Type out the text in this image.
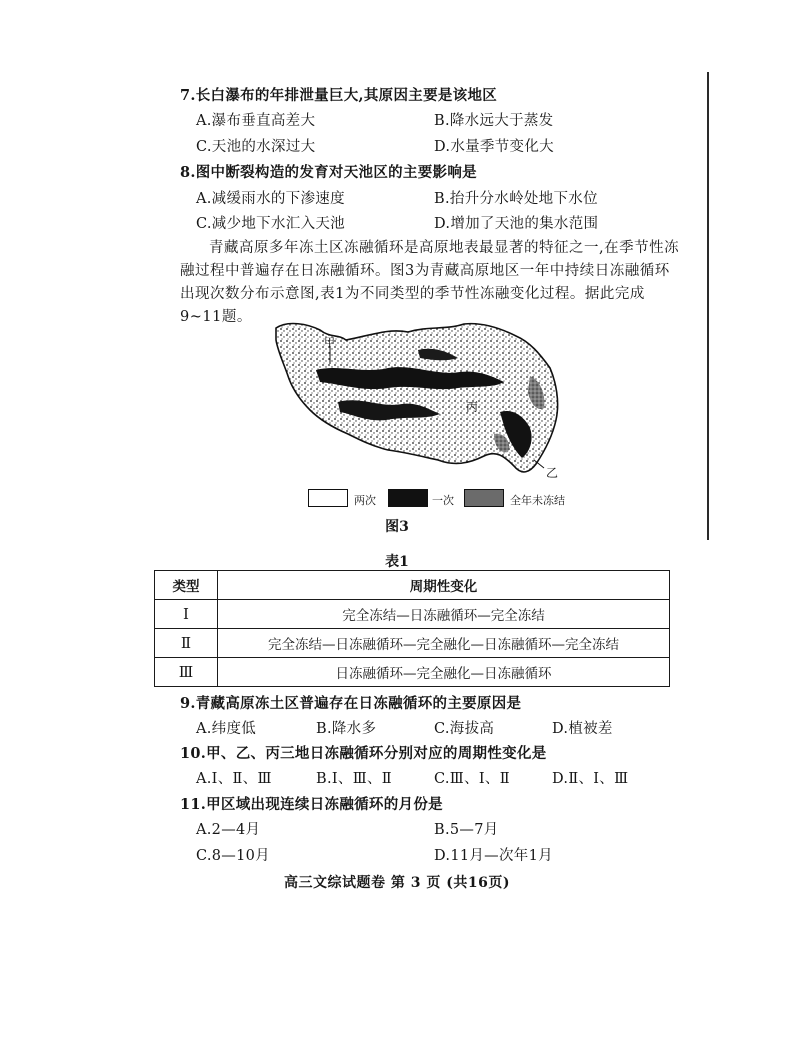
7.长白瀑布的年排泄量巨大,其原因主要是该地区
A.瀑布垂直高差大	B.降水远大于蒸发
C.天池的水深过大	D.水量季节变化大
8.图中断裂构造的发育对天池区的主要影响是
A.减缓雨水的下渗速度	B.抬升分水岭处地下水位
C.减少地下水汇入天池	D.增加了天池的集水范围
青藏高原多年冻土区冻融循环是高原地表最显著的特征之一,在季节性冻融过程中普遍存在日冻融循环。图3为青藏高原地区一年中持续日冻融循环出现次数分布示意图,表1为不同类型的季节性冻融变化过程。据此完成9~11题。
甲
丙
乙
两次	一次	全年未冻结
图3
表1
类型	周期性变化
Ⅰ	完全冻结—日冻融循环—完全冻结
Ⅱ	完全冻结—日冻融循环—完全融化—日冻融循环—完全冻结
Ⅲ	日冻融循环—完全融化—日冻融循环
9.青藏高原冻土区普遍存在日冻融循环的主要原因是
A.纬度低	B.降水多	C.海拔高	D.植被差
10.甲、乙、丙三地日冻融循环分别对应的周期性变化是
A.Ⅰ、Ⅱ、Ⅲ	B.Ⅰ、Ⅲ、Ⅱ	C.Ⅲ、Ⅰ、Ⅱ	D.Ⅱ、Ⅰ、Ⅲ
11.甲区域出现连续日冻融循环的月份是
A.2—4月	B.5—7月
C.8—10月	D.11月—次年1月
高三文综试题卷 第 3 页 (共16页)
